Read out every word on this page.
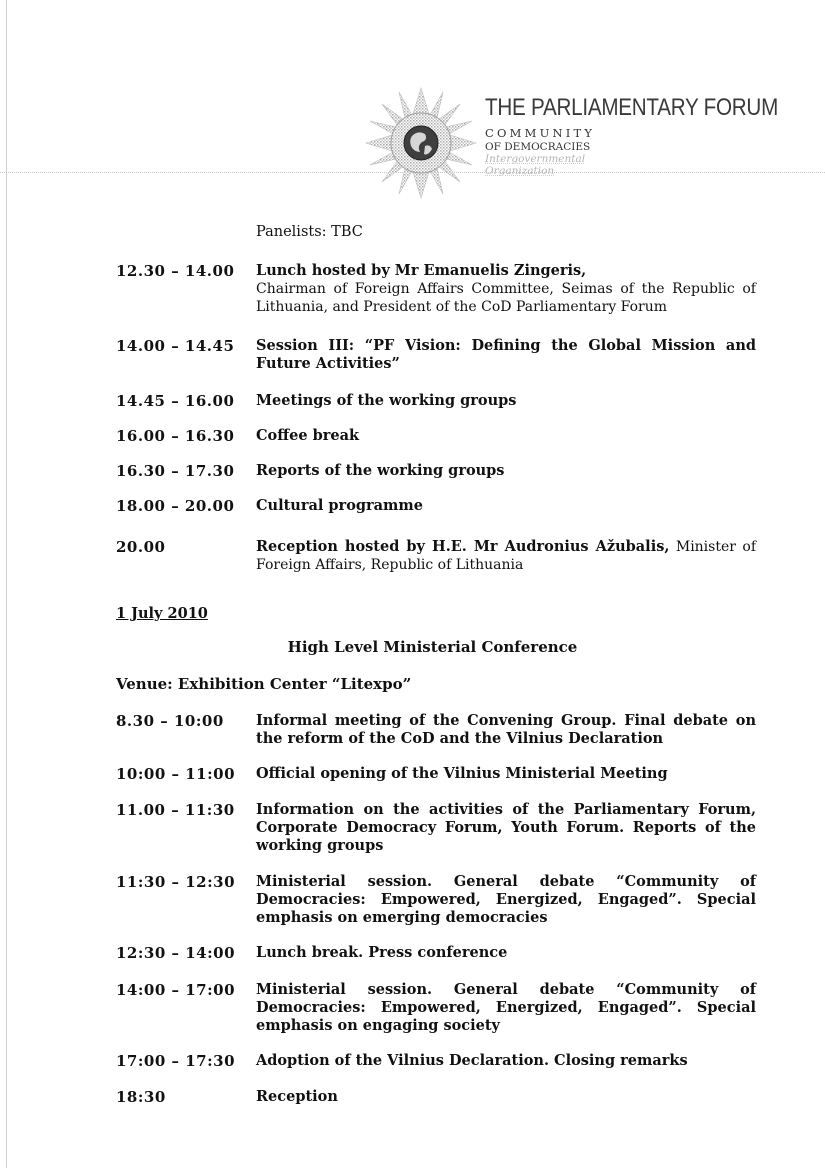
THE PARLIAMENTARY FORUM
COMMUNITY
OF DEMOCRACIES
Intergovernmental
Organization
Panelists: TBC
12.30 – 14.00	Lunch hosted by Mr Emanuelis Zingeris,
Chairman of Foreign Affairs Committee, Seimas of the Republic of Lithuania, and President of the CoD Parliamentary Forum
14.00 – 14.45	Session III: “PF Vision: Defining the Global Mission and Future Activities”
14.45 – 16.00	Meetings of the working groups
16.00 – 16.30	Coffee break
16.30 – 17.30	Reports of the working groups
18.00 – 20.00	Cultural programme
20.00	Reception hosted by H.E. Mr Audronius Ažubalis, Minister of Foreign Affairs, Republic of Lithuania
1 July 2010
High Level Ministerial Conference
Venue: Exhibition Center “Litexpo”
8.30 – 10:00	Informal meeting of the Convening Group. Final debate on the reform of the CoD and the Vilnius Declaration
10:00 – 11:00	Official opening of the Vilnius Ministerial Meeting
11.00 – 11:30	Information on the activities of the Parliamentary Forum, Corporate Democracy Forum, Youth Forum. Reports of the working groups
11:30 – 12:30	Ministerial session. General debate “Community of Democracies: Empowered, Energized, Engaged”. Special emphasis on emerging democracies
12:30 – 14:00	Lunch break. Press conference
14:00 – 17:00	Ministerial session. General debate “Community of Democracies: Empowered, Energized, Engaged”. Special emphasis on engaging society
17:00 – 17:30	Adoption of the Vilnius Declaration. Closing remarks
18:30	Reception
